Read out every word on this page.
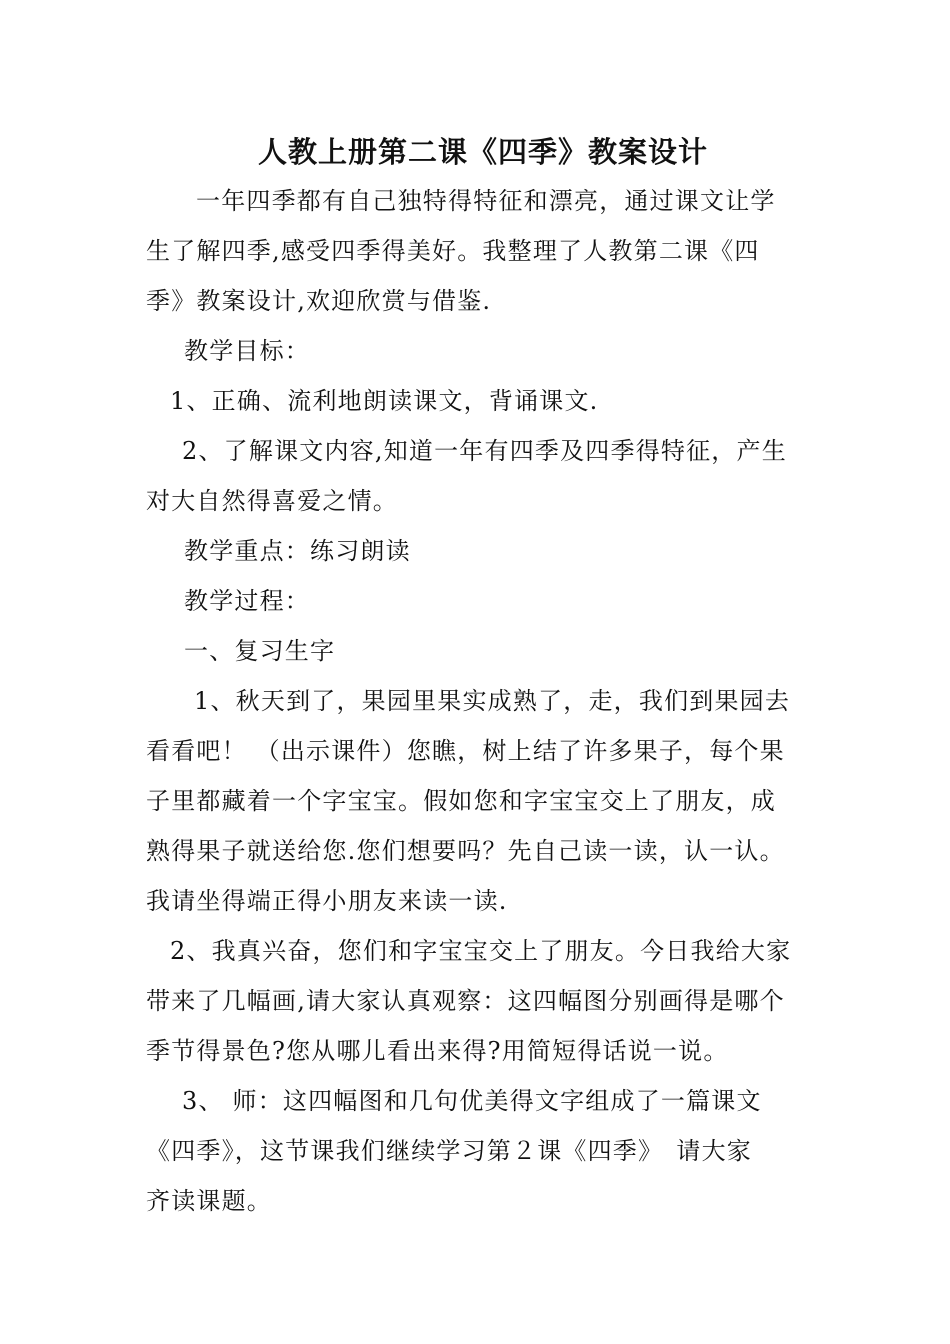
人教上册第二课《四季》教案设计

一年四季都有自己独特得特征和漂亮，通过课文让学

生了解四季,感受四季得美好。我整理了人教第二课《四

季》教案设计,欢迎欣赏与借鉴.

教学目标：

1、正确、流利地朗读课文，背诵课文.

2、了解课文内容,知道一年有四季及四季得特征，产生

对大自然得喜爱之情。

教学重点：练习朗读

教学过程：

一、复习生字

1、秋天到了，果园里果实成熟了，走，我们到果园去

看看吧！ （出示课件）您瞧，树上结了许多果子，每个果

子里都藏着一个字宝宝。假如您和字宝宝交上了朋友，成

熟得果子就送给您.您们想要吗？先自己读一读，认一认。

我请坐得端正得小朋友来读一读.

2、我真兴奋，您们和字宝宝交上了朋友。今日我给大家

带来了几幅画,请大家认真观察：这四幅图分别画得是哪个

季节得景色?您从哪儿看出来得?用简短得话说一说。

3、 师：这四幅图和几句优美得文字组成了一篇课文

《四季》，这节课我们继续学习第２课《四季》　请大家

齐读课题。
